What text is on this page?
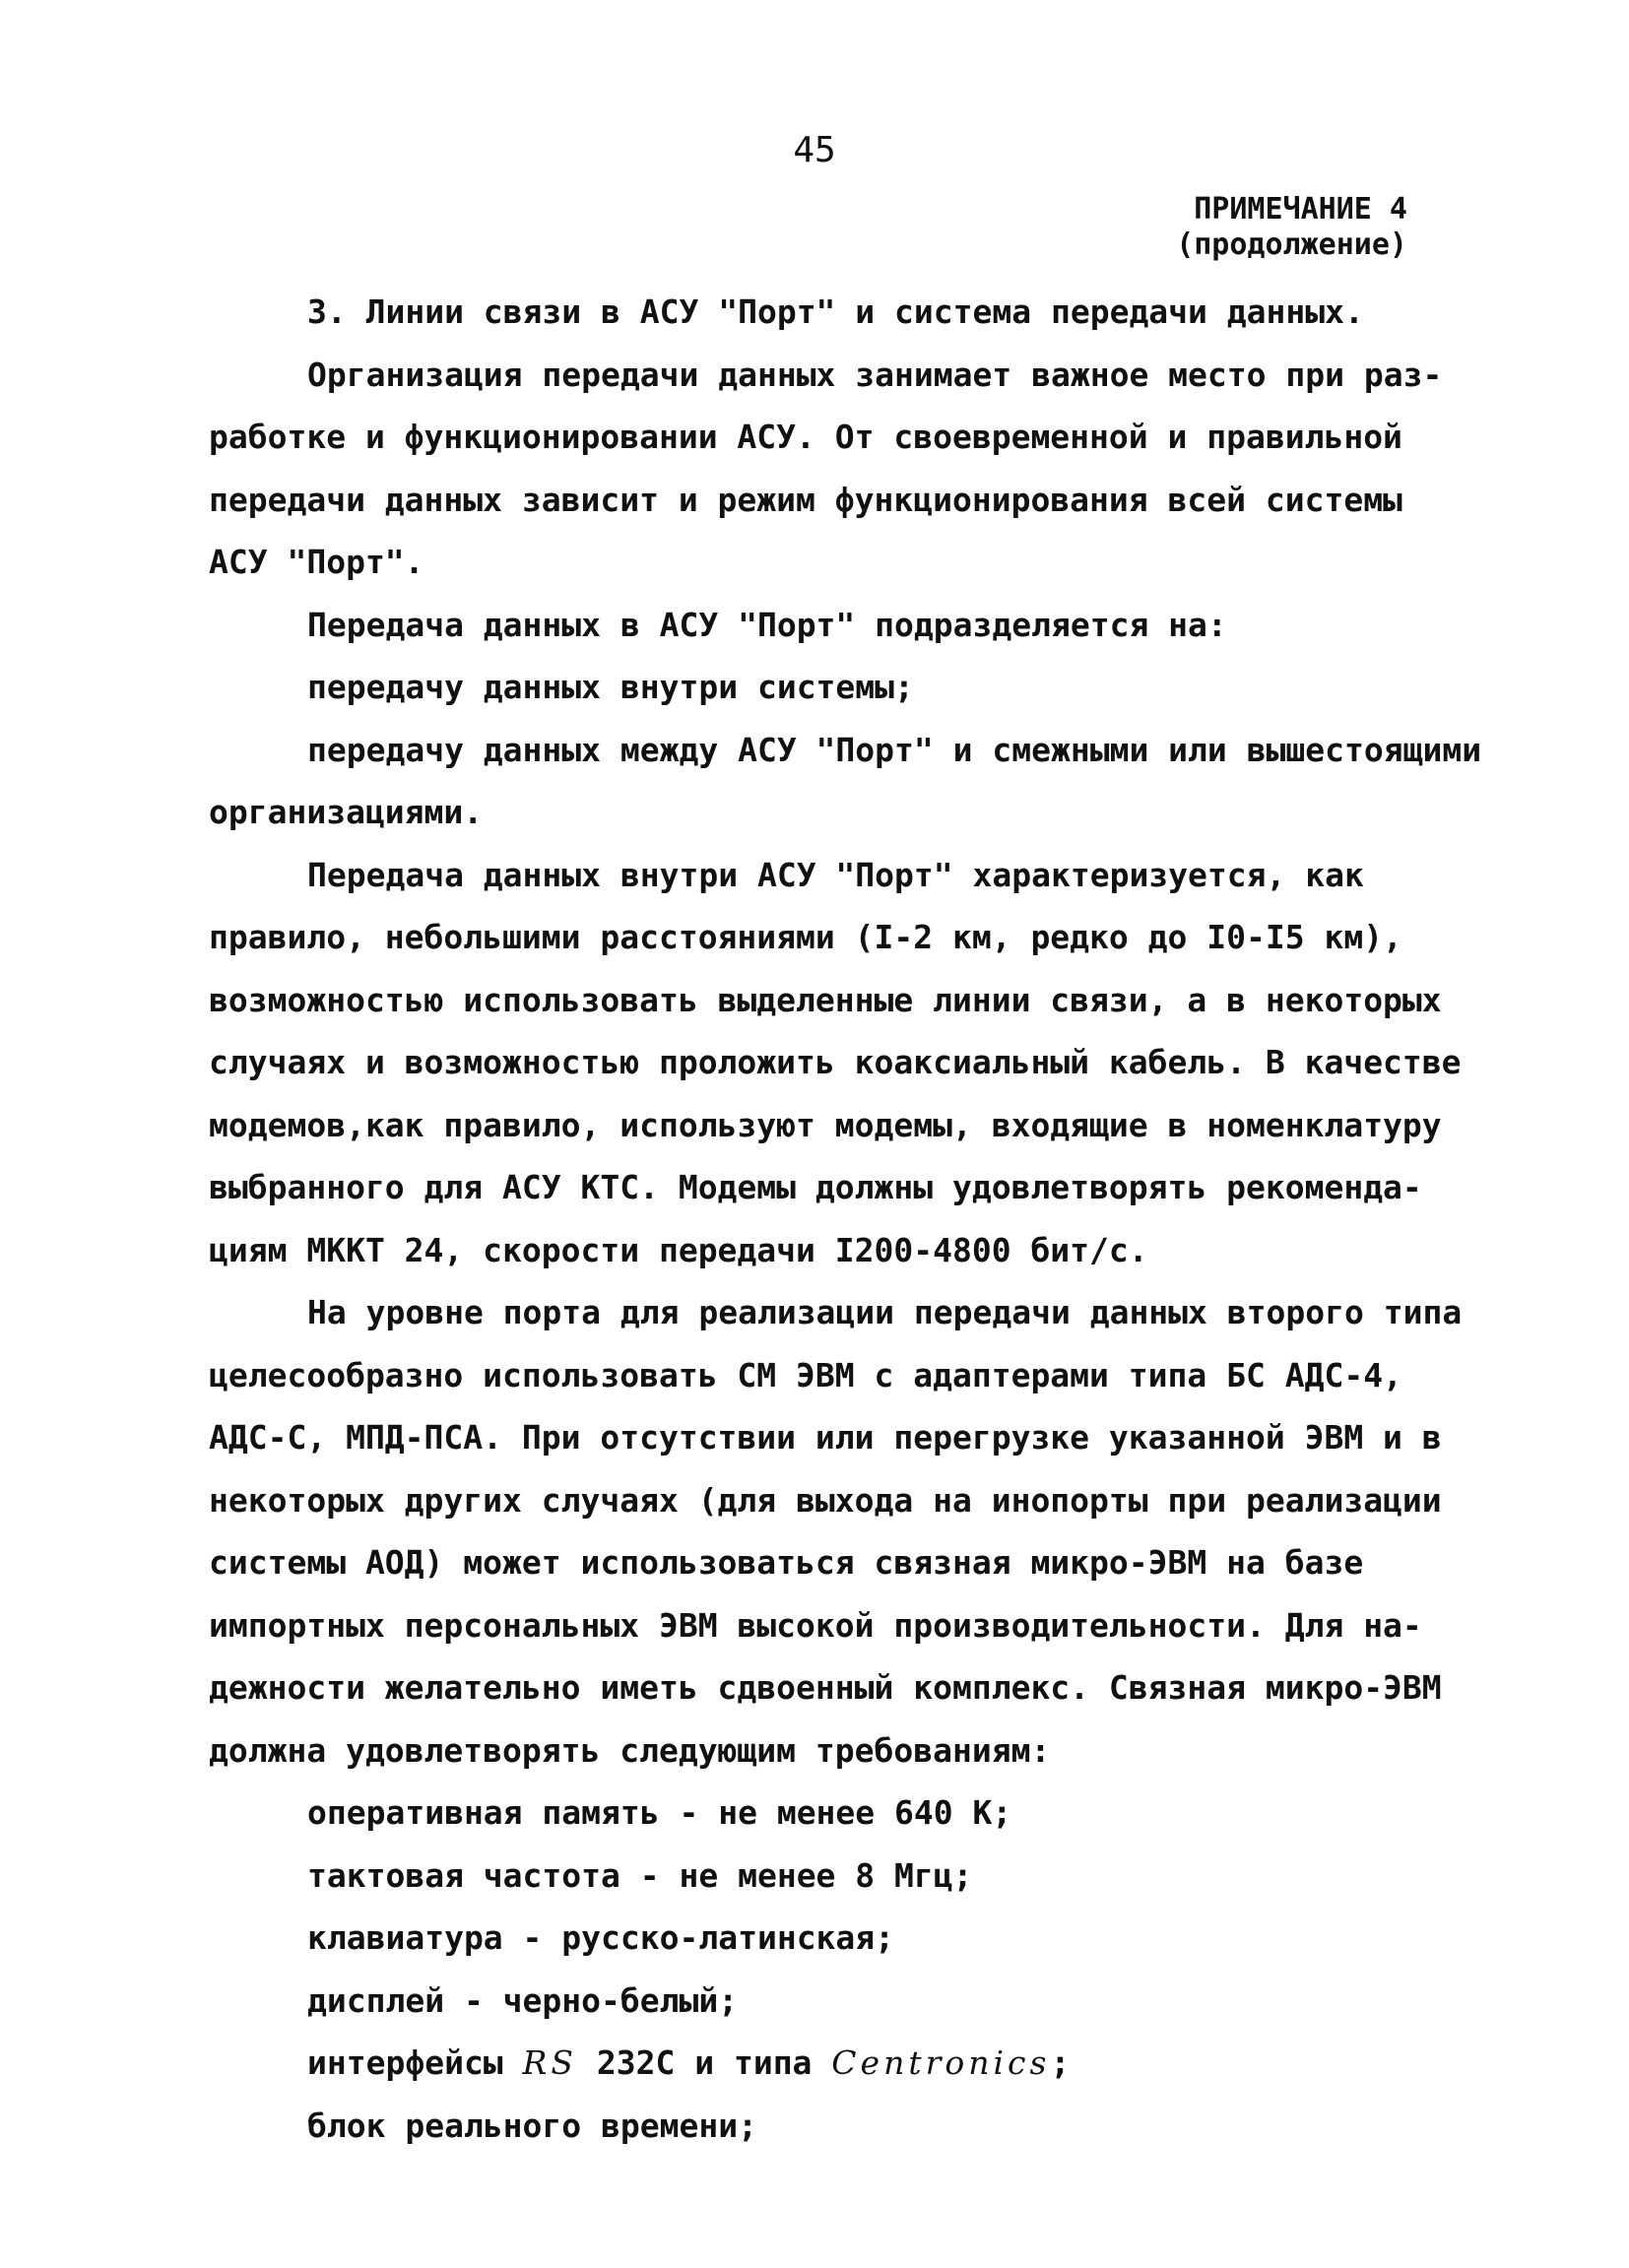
45
ПРИМЕЧАНИЕ 4
(продолжение)
3. Линии связи в АСУ "Порт" и система передачи данных.
Организация передачи данных занимает важное место при раз-
работке и функционировании АСУ. От своевременной и правильной
передачи данных зависит и режим функционирования всей системы
АСУ "Порт".
Передача данных в АСУ "Порт" подразделяется на:
передачу данных внутри системы;
передачу данных между АСУ "Порт" и смежными или вышестоящими
организациями.
Передача данных внутри АСУ "Порт" характеризуется, как
правило, небольшими расстояниями (I-2 км, редко до I0-I5 км),
возможностью использовать выделенные линии связи, а в некоторых
случаях и возможностью проложить коаксиальный кабель. В качестве
модемов,как правило, используют модемы, входящие в номенклатуру
выбранного для АСУ КТС. Модемы должны удовлетворять рекоменда-
циям МККТ 24, скорости передачи I200-4800 бит/с.
На уровне порта для реализации передачи данных второго типа
целесообразно использовать СМ ЭВМ с адаптерами типа БС АДС-4,
АДС-С, МПД-ПСА. При отсутствии или перегрузке указанной ЭВМ и в
некоторых других случаях (для выхода на инопорты при реализации
системы АОД) может использоваться связная микро-ЭВМ на базе
импортных персональных ЭВМ высокой производительности. Для на-
дежности желательно иметь сдвоенный комплекс. Связная микро-ЭВМ
должна удовлетворять следующим требованиям:
оперативная память - не менее 640 К;
тактовая частота - не менее 8 Мгц;
клавиатура - русско-латинская;
дисплей - черно-белый;
интерфейсы RS 232С и типа Centronics;
блок реального времени;
